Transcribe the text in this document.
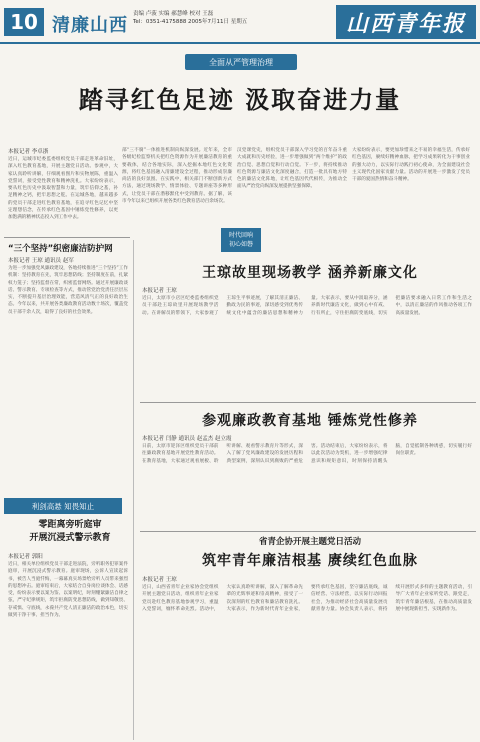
10 清廉山西
责编 卢菠 实编 郝慧峰 校对 王磊
Tel：0351-4175888 2005年7月11日 星期五	山西青年报
全面从严管理治理
踏寻红色足迹 汲取奋进力量
本报记者 李卓浙
近日，运城市纪委监委组织党员干部走进革命旧址，深入红色教育基地，开展主题党日活动。参观中，大家认真聆听讲解，仔细观看图片和实物展陈，重温入党誓词，接受党性教育和精神洗礼。大家纷纷表示，要从红色历史中汲取智慧和力量，筑牢信仰之基，补足精神之钙，把牢思想之舵。在运城各地，越来越多的党员干部走进红色教育基地，在追寻红色记忆中坚定理想信念，在传承红色基因中锤炼党性修养，以更加饱满的精神状态投入到工作中去。
部“三不腐”一体推进机制向纵深发展。近年来，全市各级纪检监察机关把红色资源作为开展廉洁教育的重要载体，结合各地实际，深入挖掘本地红色文化资源，将红色基因融入清廉建设全过程，推动形成崇廉尚洁的良好氛围。在实践中，相关部门不断创新方式方法，通过现场教学、情景体验、专题讲座等多种形式，让党员干部在潜移默化中受到教育。据了解，该市今年以来已组织开展各类红色教育活动百余场次。
汉党课党史，组织党员干部深入学习党的百年奋斗重大成就和历史经验，进一步增强做到“两个维护”的政治自觉、思想自觉和行动自觉。下一步，将持续推动红色资源与廉洁文化深度融合，打造一批具有地方特色的廉洁文化阵地，让红色基因代代相传，为推动全面从严治党向纵深发展提供坚强保障。
大家纷纷表示，要更加珍惜来之不易的幸福生活，传承好红色基因，赓续好精神血脉，把学习成果转化为干事创业的强大动力，以实际行动践行初心使命，为全面建设社会主义现代化国家贡献力量。活动的开展进一步激发了党员干部的爱国热情和奋斗精神。
“三个坚持”织密廉洁防护网
本报记者 王琼 通讯员 赵军
为进一步加强党风廉政建设，各地持续推进“三个坚持”工作机制：坚持教育在先，筑牢思想防线；坚持制度在前，扎紧权力笼子；坚持监督在常，织密监督网络。通过开展廉政谈话、警示教育、专项检查等方式，推动管党治党责任层层压实，不断提升基层治理效能，营造风清气正的良好政治生态。今年以来，共开展各类廉政教育活动数十场次，覆盖党员干部千余人次，取得了良好的社会效果。
利剑高悬 知畏知止
零距离旁听庭审
开展沉浸式警示教育
本报记者 郭阳
近日，相关单位组织党员干部走进法院，旁听职务犯罪案件庭审，开展沉浸式警示教育。庭审现场，公诉人宣读起诉书，被告人当庭忏悔，一幕幕真实场景给旁听人员带来强烈的思想冲击。庭审结束后，大家结合自身岗位谈体会、话感受，纷纷表示要以案为鉴、以案明纪，时刻绷紧廉洁自律之弦，严守纪律规矩，筑牢拒腐防变思想防线，做到知敬畏、存戒惧、守底线，永葆共产党人清正廉洁的政治本色，切实做到干净干事、担当作为。
时代回响
初心如磐
王琼故里现场教学 涵养新廉文化
本报记者 王琼
近日，太原市小店区纪委监委组织党员干部赴王琼故里开展现场教学活动。在讲解员的带领下，大家参观了王琼生平事迹展，了解其清正廉洁、勤政为民的事迹，深切感受到优秀传统文化中蕴含的廉洁思想和精神力量。大家表示，要从中汲取养分，涵养新时代廉洁文化，做到心中有戒、行有所止，守住拒腐防变底线，切实把廉洁要求融入日常工作和生活之中，以清正廉洁的作风推动各项工作高质量发展。
参观廉政教育基地 锤炼党性修养
本报记者 闫静 通讯员 赵孟杰 赵立霞
日前，太原市迎泽区组织党员干部前往廉政教育基地开展党性教育活动。在教育基地，大家通过观看展板、聆听讲解、观看警示教育片等形式，深入了解了党风廉政建设的发展历程和典型案例，深刻认识到腐败的严重危害。活动结束后，大家纷纷表示，将以此次活动为契机，进一步增强纪律意识和规矩意识，时刻保持清醒头脑，自觉抵制各种诱惑，切实履行好岗位职责。
省青企协开展主题党日活动
筑牢青年廉洁根基 赓续红色血脉
本报记者 王琼
近日，山西省青年企业家协会党组织开展主题党日活动，组织青年企业家党员赴红色教育基地参观学习，重温入党誓词，缅怀革命先烈。活动中，大家认真聆听讲解，深入了解革命先辈的光辉事迹和崇高精神，接受了一次深刻的红色教育和廉洁教育洗礼。大家表示，作为新时代青年企业家，要传承红色基因，坚守廉洁底线，诚信经营、守法经营，以实际行动回报社会，为推动经济社会高质量发展贡献青春力量。协会负责人表示，将持续开展形式多样的主题教育活动，引导广大青年企业家听党话、跟党走，筑牢青年廉洁根基，在推动高质量发展中展现新担当、实现新作为。
